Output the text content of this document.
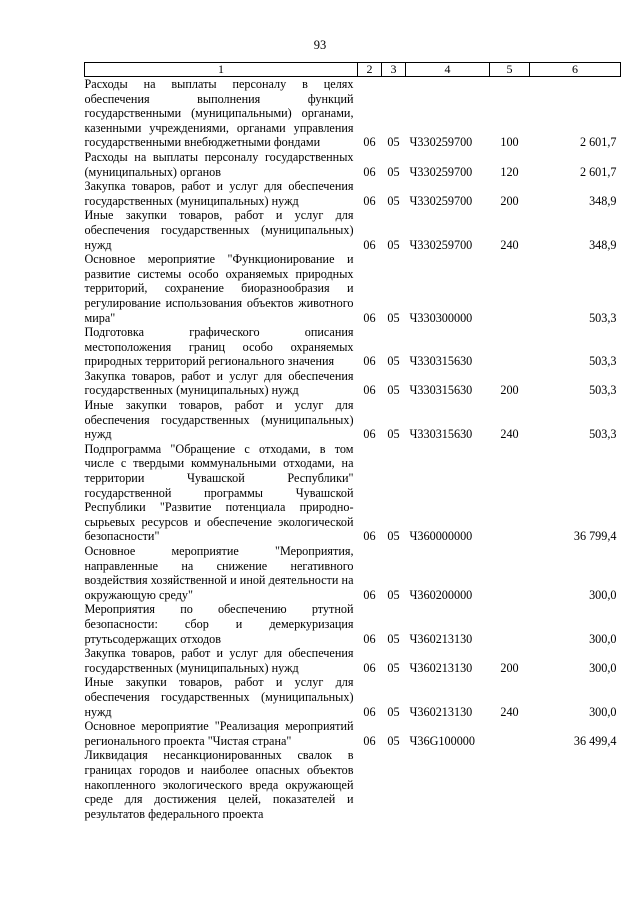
93
1	2	3	4	5	6
Расходы на выплаты персоналу в целях обеспечения выполнения функций государственными (муниципальными) органами, казенными учреждениями, органами управления государственными внебюджетными фондами	06	05	Ч330259700	100	2 601,7
Расходы на выплаты персоналу государственных (муниципальных) органов	06	05	Ч330259700	120	2 601,7
Закупка товаров, работ и услуг для обеспечения государственных (муниципальных) нужд	06	05	Ч330259700	200	348,9
Иные закупки товаров, работ и услуг для обеспечения государственных (муниципальных) нужд	06	05	Ч330259700	240	348,9
Основное мероприятие "Функционирование и развитие системы особо охраняемых природных территорий, сохранение биоразнообразия и регулирование использования объектов животного мира"	06	05	Ч330300000		503,3
Подготовка графического описания местоположения границ особо охраняемых природных территорий регионального значения	06	05	Ч330315630		503,3
Закупка товаров, работ и услуг для обеспечения государственных (муниципальных) нужд	06	05	Ч330315630	200	503,3
Иные закупки товаров, работ и услуг для обеспечения государственных (муниципальных) нужд	06	05	Ч330315630	240	503,3
Подпрограмма "Обращение с отходами, в том числе с твердыми коммунальными отходами, на территории Чувашской Республики" государственной программы Чувашской Республики "Развитие потенциала природно-сырьевых ресурсов и обеспечение экологической безопасности"	06	05	Ч360000000		36 799,4
Основное мероприятие "Мероприятия, направленные на снижение негативного воздействия хозяйственной и иной деятельности на окружающую среду"	06	05	Ч360200000		300,0
Мероприятия по обеспечению ртутной безопасности: сбор и демеркуризация ртутьсодержащих отходов	06	05	Ч360213130		300,0
Закупка товаров, работ и услуг для обеспечения государственных (муниципальных) нужд	06	05	Ч360213130	200	300,0
Иные закупки товаров, работ и услуг для обеспечения государственных (муниципальных) нужд	06	05	Ч360213130	240	300,0
Основное мероприятие "Реализация мероприятий регионального проекта "Чистая страна"	06	05	Ч36G100000		36 499,4
Ликвидация несанкционированных свалок в границах городов и наиболее опасных объектов накопленного экологического вреда окружающей среде для достижения целей, показателей и результатов федерального проекта					
